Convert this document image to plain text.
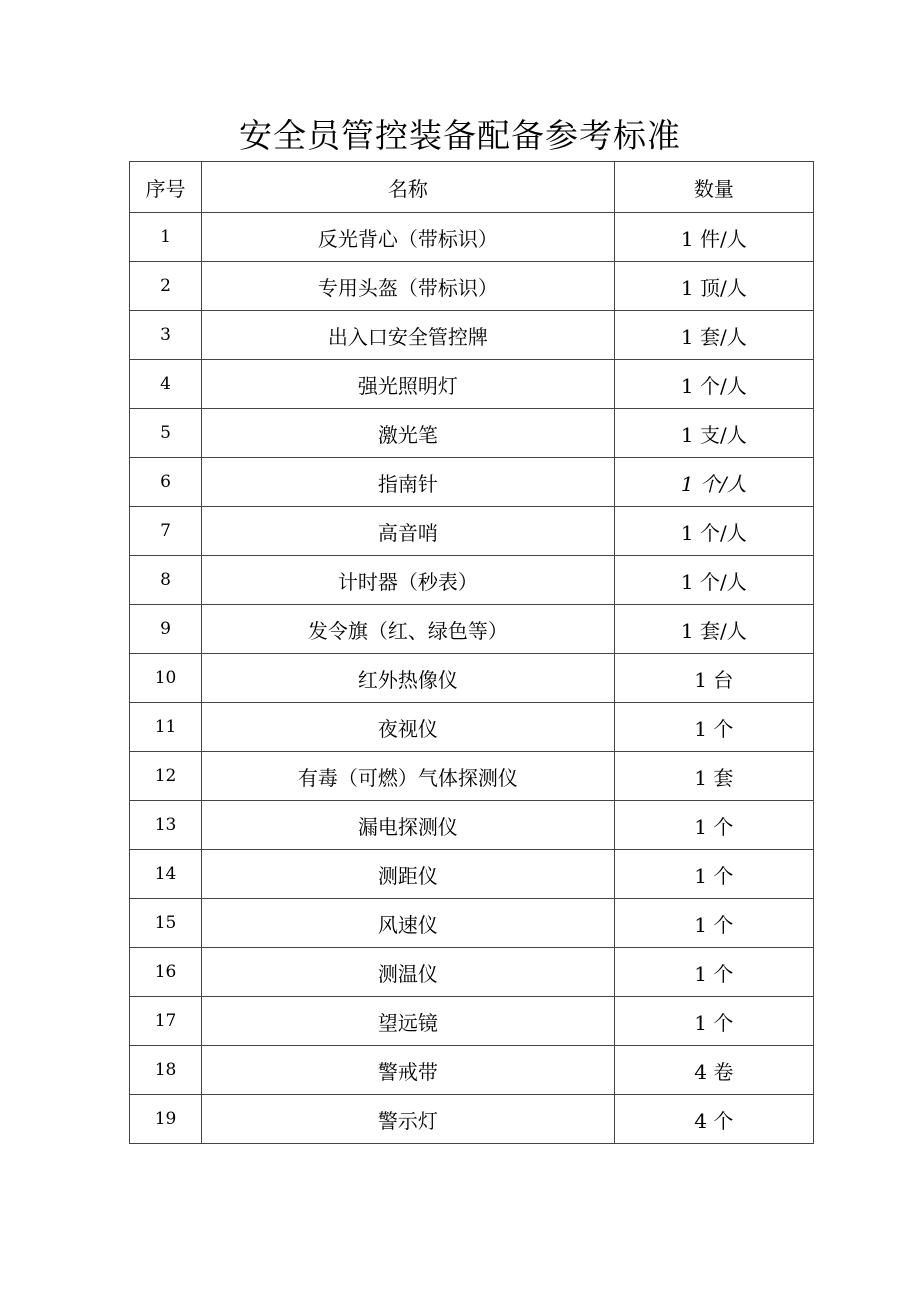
安全员管控装备配备参考标准
序号	名称	数量
1	反光背心（带标识）	1 件/人
2	专用头盔（带标识）	1 顶/人
3	出入口安全管控牌	1 套/人
4	强光照明灯	1 个/人
5	激光笔	1 支/人
6	指南针	1 个/人
7	高音哨	1 个/人
8	计时器（秒表）	1 个/人
9	发令旗（红、绿色等）	1 套/人
10	红外热像仪	1 台
11	夜视仪	1 个
12	有毒（可燃）气体探测仪	1 套
13	漏电探测仪	1 个
14	测距仪	1 个
15	风速仪	1 个
16	测温仪	1 个
17	望远镜	1 个
18	警戒带	4 卷
19	警示灯	4 个
